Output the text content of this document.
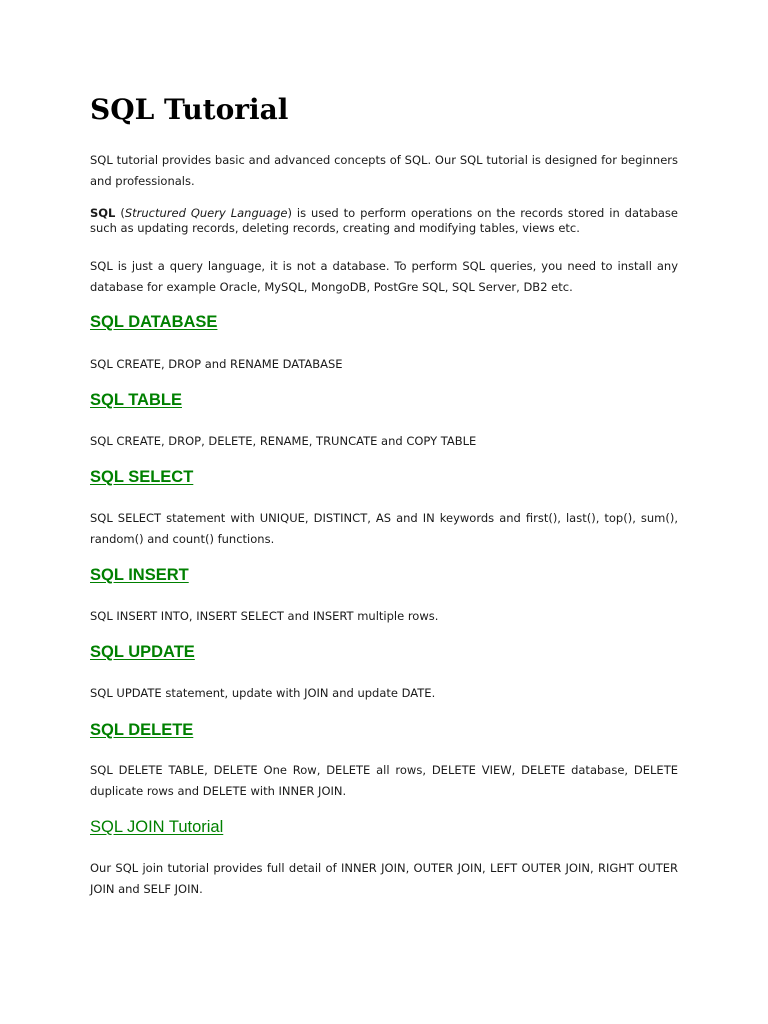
SQL Tutorial

SQL tutorial provides basic and advanced concepts of SQL. Our SQL tutorial is designed for beginners and professionals.

SQL (Structured Query Language) is used to perform operations on the records stored in database such as updating records, deleting records, creating and modifying tables, views etc.

SQL is just a query language, it is not a database. To perform SQL queries, you need to install any database for example Oracle, MySQL, MongoDB, PostGre SQL, SQL Server, DB2 etc.

SQL DATABASE

SQL CREATE, DROP and RENAME DATABASE

SQL TABLE

SQL CREATE, DROP, DELETE, RENAME, TRUNCATE and COPY TABLE

SQL SELECT

SQL SELECT statement with UNIQUE, DISTINCT, AS and IN keywords and first(), last(), top(), sum(), random() and count() functions.

SQL INSERT

SQL INSERT INTO, INSERT SELECT and INSERT multiple rows.

SQL UPDATE

SQL UPDATE statement, update with JOIN and update DATE.

SQL DELETE

SQL DELETE TABLE, DELETE One Row, DELETE all rows, DELETE VIEW, DELETE database, DELETE duplicate rows and DELETE with INNER JOIN.

SQL JOIN Tutorial

Our SQL join tutorial provides full detail of INNER JOIN, OUTER JOIN, LEFT OUTER JOIN, RIGHT OUTER JOIN and SELF JOIN.
